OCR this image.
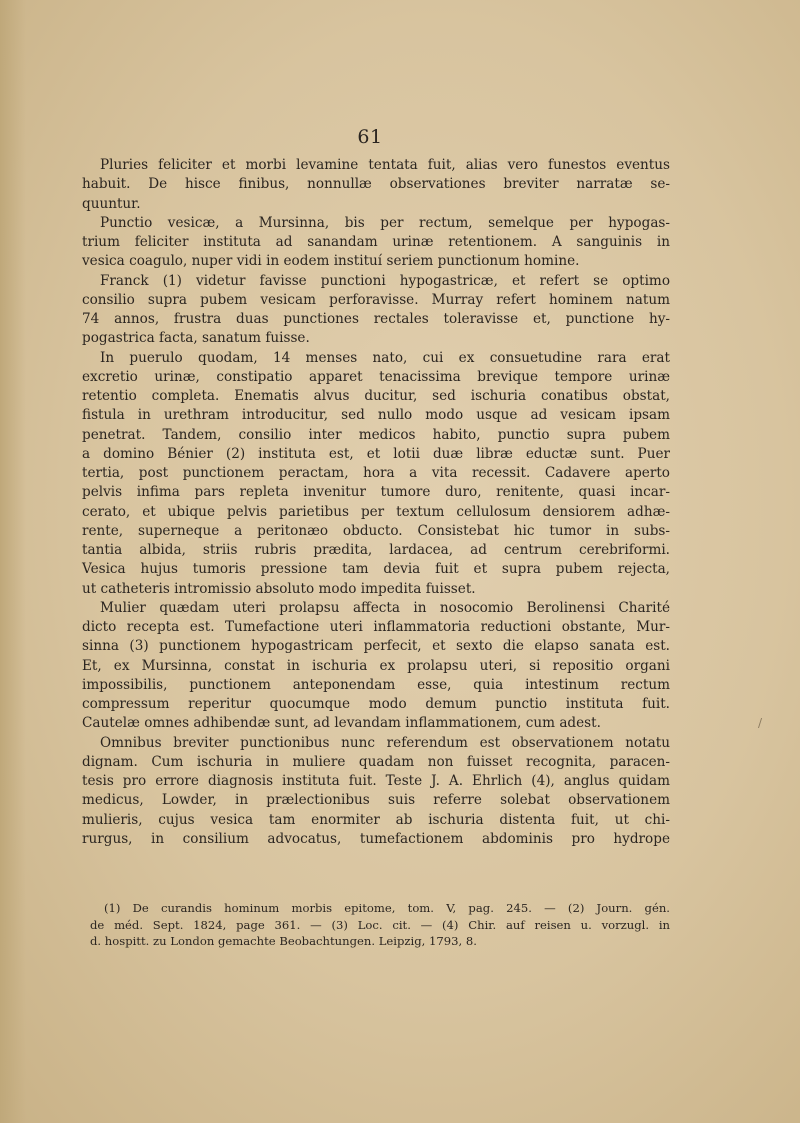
61
Pluries feliciter et morbi levamine tentata fuit, alias vero funestos eventus
habuit. De hisce finibus, nonnullæ observationes breviter narratæ se-
quuntur.
Punctio vesicæ, a Mursinna, bis per rectum, semelque per hypogas-
trium feliciter instituta ad sanandam urinæ retentionem. A sanguinis in
vesica coagulo, nuper vidi in eodem instituí seriem punctionum homine.
Franck (1) videtur favisse punctioni hypogastricæ, et refert se optimo
consilio supra pubem vesicam perforavisse. Murray refert hominem natum
74 annos, frustra duas punctiones rectales toleravisse et, punctione hy-
pogastrica facta, sanatum fuisse.
In puerulo quodam, 14 menses nato, cui ex consuetudine rara erat
excretio urinæ, constipatio apparet tenacissima brevique tempore urinæ
retentio completa. Enematis alvus ducitur, sed ischuria conatibus obstat,
fistula in urethram introducitur, sed nullo modo usque ad vesicam ipsam
penetrat. Tandem, consilio inter medicos habito, punctio supra pubem
a domino Bénier (2) instituta est, et lotii duæ libræ eductæ sunt. Puer
tertia, post punctionem peractam, hora a vita recessit. Cadavere aperto
pelvis infima pars repleta invenitur tumore duro, renitente, quasi incar-
cerato, et ubique pelvis parietibus per textum cellulosum densiorem adhæ-
rente, superneque a peritonæo obducto. Consistebat hic tumor in subs-
tantia albida, striis rubris prædita, lardacea, ad centrum cerebriformi.
Vesica hujus tumoris pressione tam devia fuit et supra pubem rejecta,
ut catheteris intromissio absoluto modo impedita fuisset.
Mulier quædam uteri prolapsu affecta in nosocomio Berolinensi Charité
dicto recepta est. Tumefactione uteri inflammatoria reductioni obstante, Mur-
sinna (3) punctionem hypogastricam perfecit, et sexto die elapso sanata est.
Et, ex Mursinna, constat in ischuria ex prolapsu uteri, si repositio organi
impossibilis, punctionem anteponendam esse, quia intestinum rectum
compressum reperitur quocumque modo demum punctio instituta fuit.
Cautelæ omnes adhibendæ sunt, ad levandam inflammationem, cum adest.
Omnibus breviter punctionibus nunc referendum est observationem notatu
dignam. Cum ischuria in muliere quadam non fuisset recognita, paracen-
tesis pro errore diagnosis instituta fuit. Teste J. A. Ehrlich (4), anglus quidam
medicus, Lowder, in prælectionibus suis referre solebat observationem
mulieris, cujus vesica tam enormiter ab ischuria distenta fuit, ut chi-
rurgus, in consilium advocatus, tumefactionem abdominis pro hydrope
(1) De curandis hominum morbis epitome, tom. V, pag. 245. — (2) Journ. gén.
de méd. Sept. 1824, page 361. — (3) Loc. cit. — (4) Chir. auf reisen u. vorzugl. in
d. hospitt. zu London gemachte Beobachtungen. Leipzig, 1793, 8.
/
